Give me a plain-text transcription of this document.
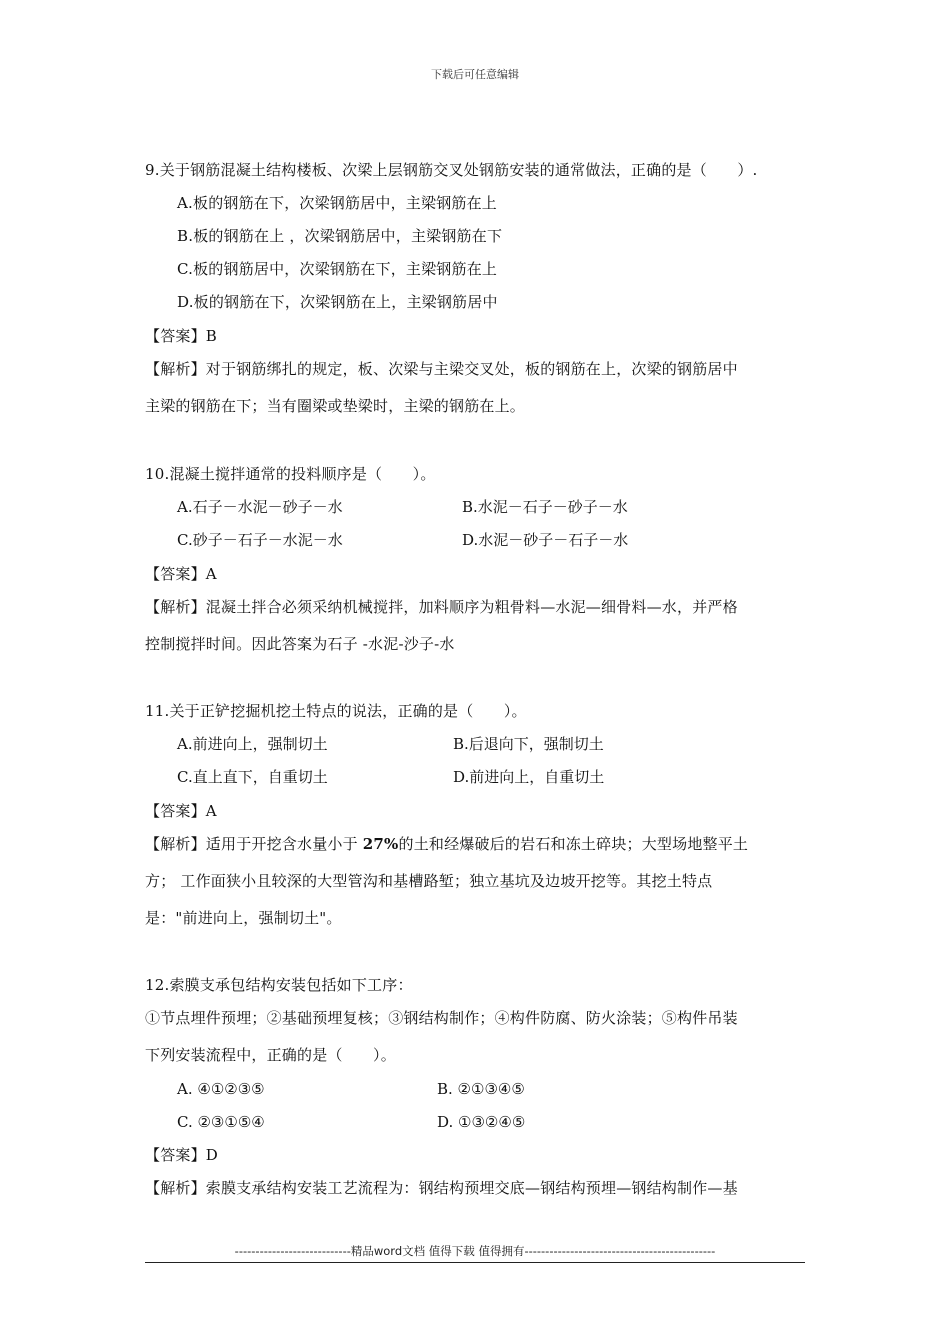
下载后可任意编辑
9.关于钢筋混凝土结构楼板、次梁上层钢筋交叉处钢筋安装的通常做法，正确的是（　　）.
A.板的钢筋在下，次梁钢筋居中，主梁钢筋在上
B.板的钢筋在上 ，次梁钢筋居中，主梁钢筋在下
C.板的钢筋居中，次梁钢筋在下，主梁钢筋在上
D.板的钢筋在下，次梁钢筋在上，主梁钢筋居中
【答案】B
【解析】对于钢筋绑扎的规定，板、次梁与主梁交叉处，板的钢筋在上，次梁的钢筋居中
主梁的钢筋在下；当有圈梁或垫梁时，主梁的钢筋在上。
10.混凝土搅拌通常的投料顺序是（　　）。
A.石子－水泥－砂子－水	B.水泥－石子－砂子－水
C.砂子－石子－水泥－水	D.水泥－砂子－石子－水
【答案】A
【解析】混凝土拌合必须采纳机械搅拌，加料顺序为粗骨料—水泥—细骨料—水，并严格
控制搅拌时间。因此答案为石子 -水泥-沙子-水
11.关于正铲挖掘机挖土特点的说法，正确的是（　　）。
A.前进向上，强制切土	B.后退向下，强制切土
C.直上直下，自重切土	D.前进向上，自重切土
【答案】A
【解析】适用于开挖含水量小于 27%的土和经爆破后的岩石和冻土碎块；大型场地整平土
方； 工作面狭小且较深的大型管沟和基槽路堑；独立基坑及边坡开挖等。其挖土特点
是："前进向上，强制切土"。
12.索膜支承包结构安装包括如下工序：
①节点埋件预埋；②基础预埋复核；③钢结构制作；④构件防腐、防火涂装；⑤构件吊装
下列安装流程中，正确的是（　　）。
A. ④①②③⑤	B. ②①③④⑤
C. ②③①⑤④	D. ①③②④⑤
【答案】D
【解析】索膜支承结构安装工艺流程为：钢结构预埋交底—钢结构预埋—钢结构制作—基
----------------------------精品word文档 值得下载 值得拥有----------------------------------------------
